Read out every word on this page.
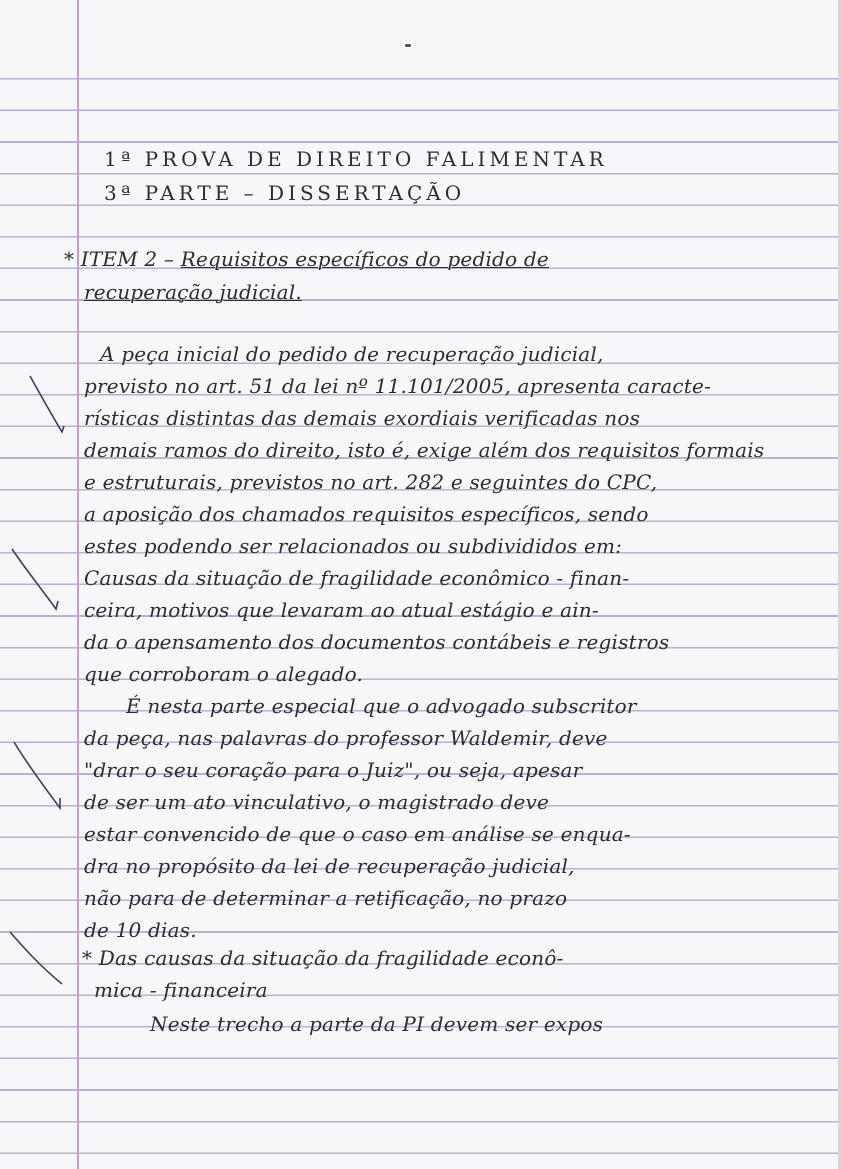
1ª PROVA DE DIREITO FALIMENTAR

3ª PARTE – DISSERTAÇÃO

* ITEM 2 – Requisitos específicos do pedido de

recuperação judicial.

A peça inicial do pedido de recuperação judicial,

previsto no art. 51 da lei nº 11.101/2005, apresenta caracte-

rísticas distintas das demais exordiais verificadas nos

demais ramos do direito, isto é, exige além dos requisitos formais

e estruturais, previstos no art. 282 e seguintes do CPC,

a aposição dos chamados requisitos específicos, sendo

estes podendo ser relacionados ou subdivididos em:

Causas da situação de fragilidade econômico - finan-

ceira, motivos que levaram ao atual estágio e ain-

da o apensamento dos documentos contábeis e registros

que corroboram o alegado.

É nesta parte especial que o advogado subscritor

da peça, nas palavras do professor Waldemir, deve

"drar o seu coração para o Juiz", ou seja, apesar

de ser um ato vinculativo, o magistrado deve

estar convencido de que o caso em análise se enqua-

dra no propósito da lei de recuperação judicial,

não para de determinar a retificação, no prazo

de 10 dias.

* Das causas da situação da fragilidade econô-

mica - financeira

Neste trecho a parte da PI devem ser expos
